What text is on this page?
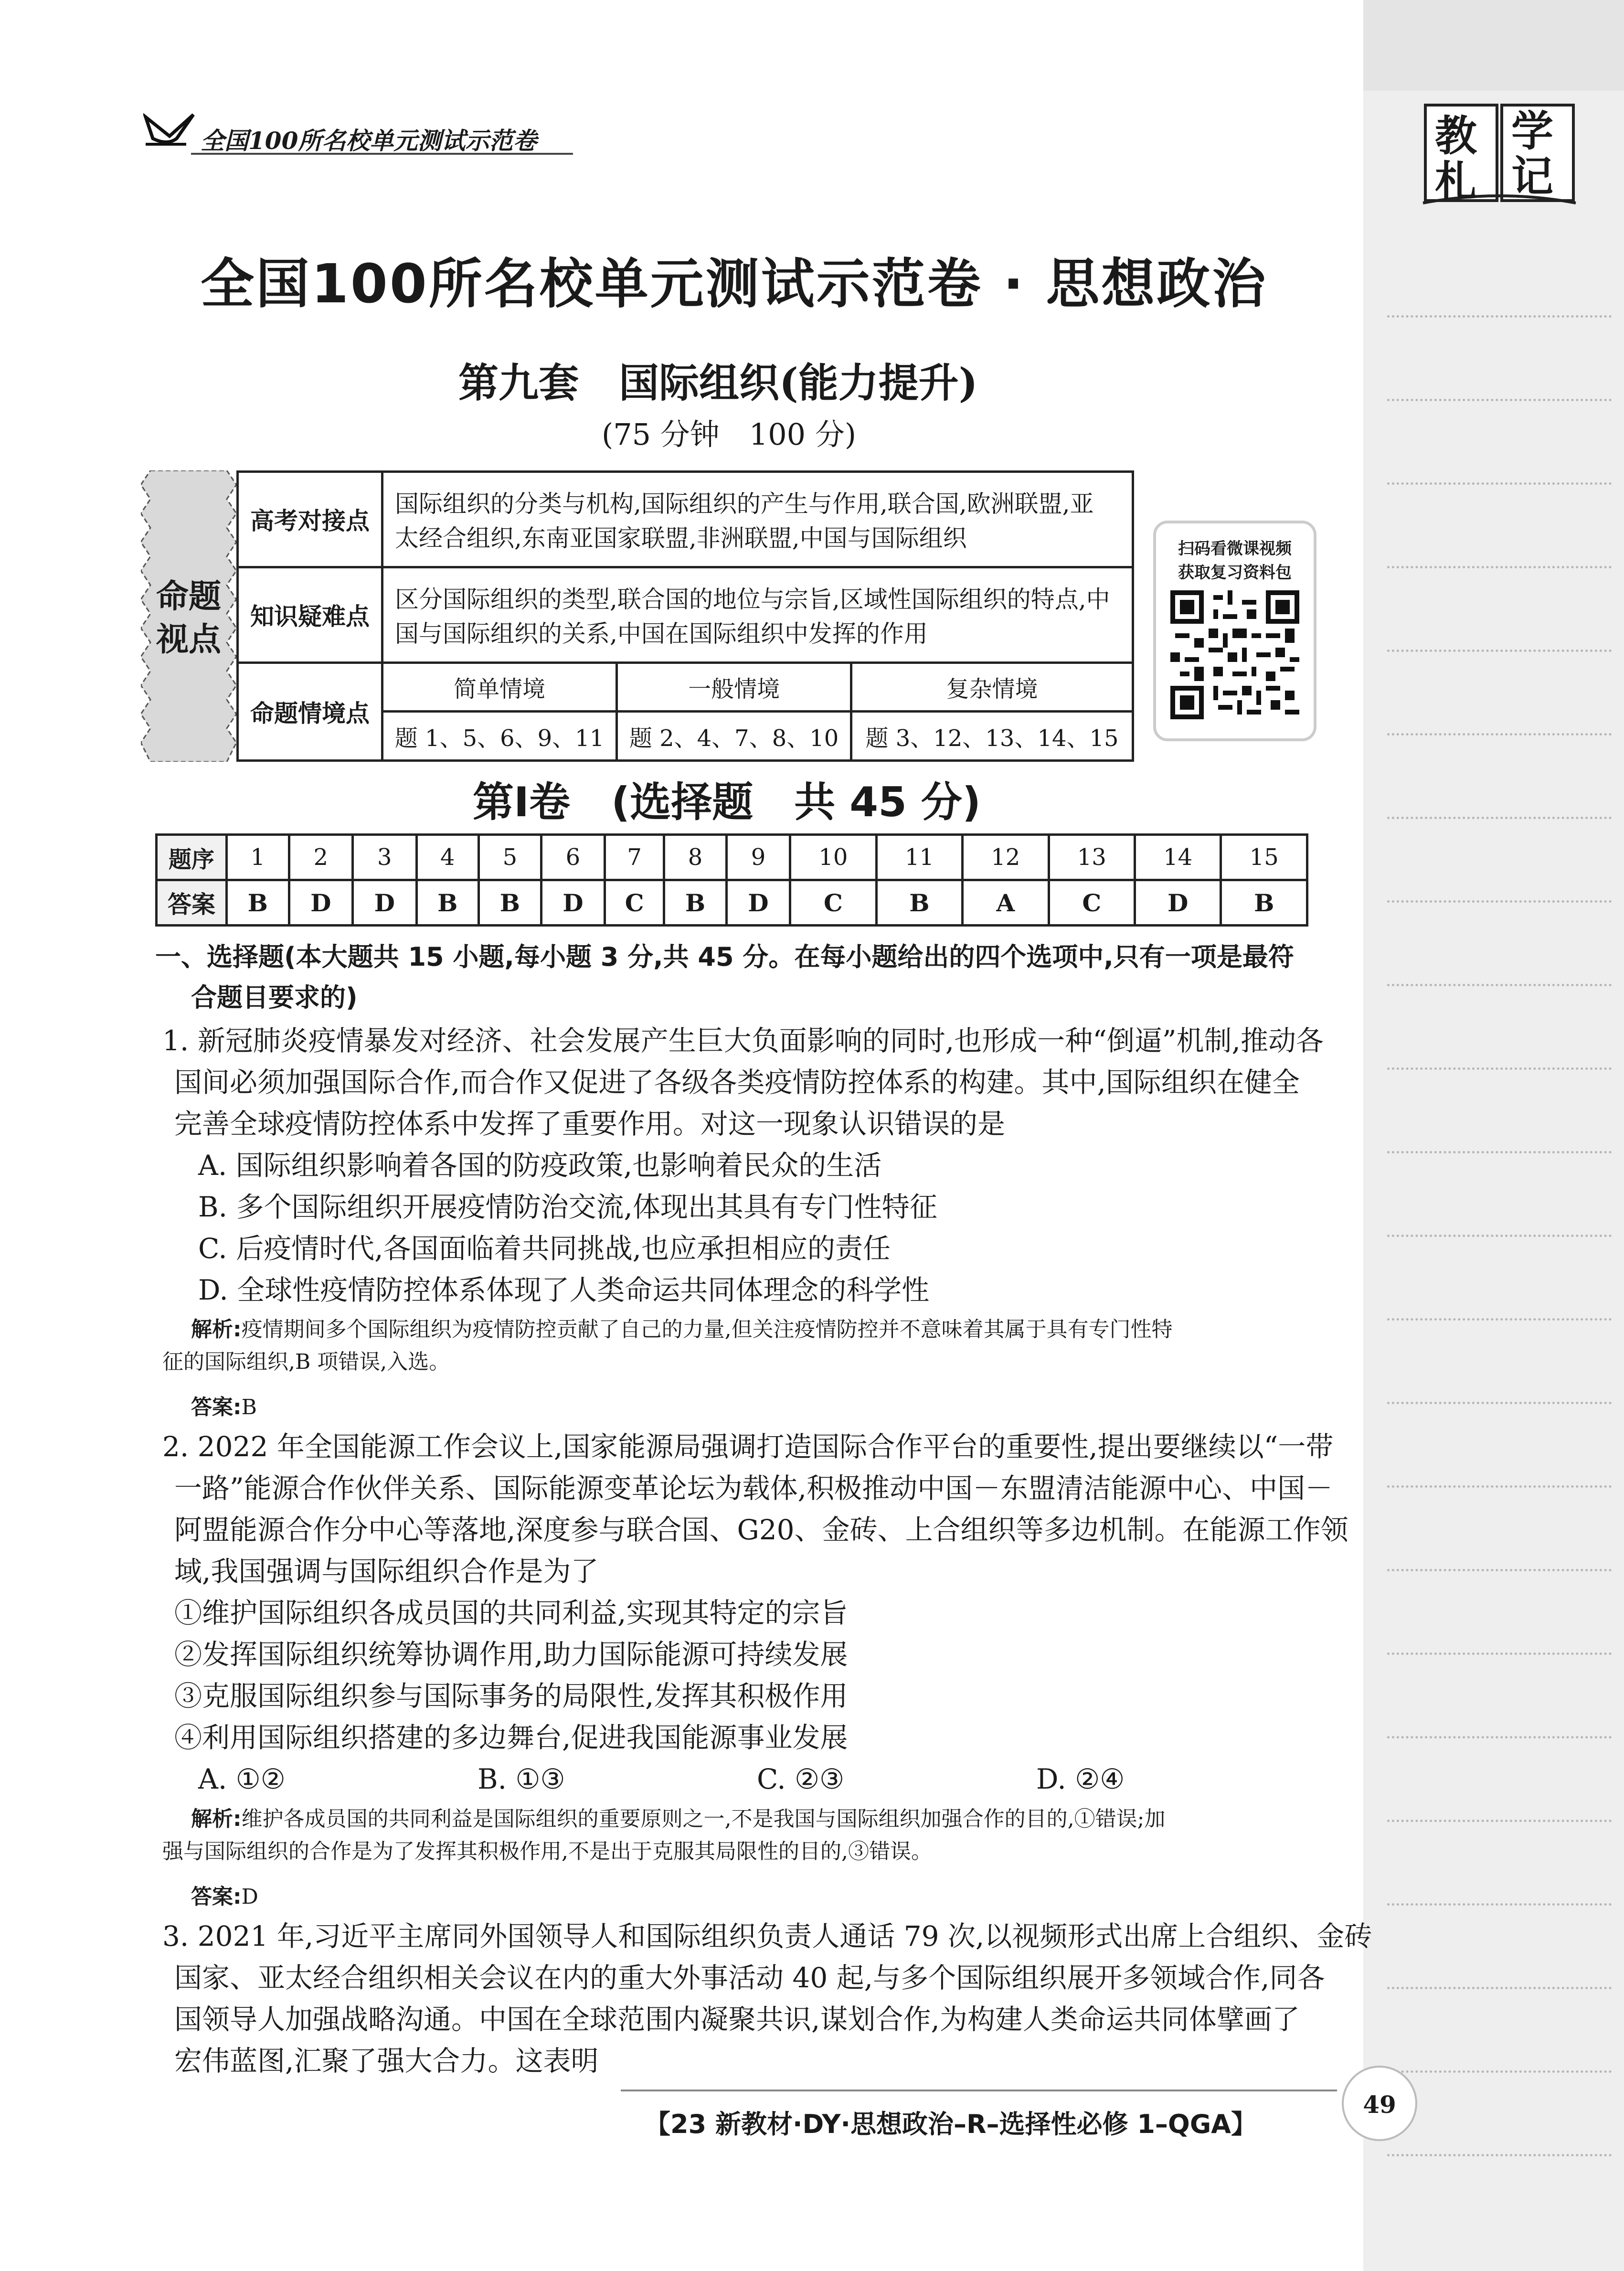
教 学
札 记
全国100所名校单元测试示范卷
全国100所名校单元测试示范卷 · 思想政治
第九套　国际组织(能力提升)
(75 分钟　100 分)
命题
视点
高考对接点	国际组织的分类与机构,国际组织的产生与作用,联合国,欧洲联盟,亚
太经合组织,东南亚国家联盟,非洲联盟,中国与国际组织		

知识疑难点	区分国际组织的类型,联合国的地位与宗旨,区域性国际组织的特点,中
国与国际组织的关系,中国在国际组织中发挥的作用		

命题情境点	简单情境	一般情境	复杂情境
	题 1、5、6、9、11	题 2、4、7、8、10	题 3、12、13、14、15
扫码看微课视频
获取复习资料包
第Ⅰ卷　(选择题　共 45 分)
题序	1	2	3	4	5	6	7	8	9	10	11	12	13	14	15
答案	B	D	D	B	B	D	C	B	D	C	B	A	C	D	B
一、选择题(本大题共 15 小题,每小题 3 分,共 45 分。在每小题给出的四个选项中,只有一项是最符
合题目要求的)
1. 新冠肺炎疫情暴发对经济、社会发展产生巨大负面影响的同时,也形成一种“倒逼”机制,推动各
国间必须加强国际合作,而合作又促进了各级各类疫情防控体系的构建。其中,国际组织在健全
完善全球疫情防控体系中发挥了重要作用。对这一现象认识错误的是
A. 国际组织影响着各国的防疫政策,也影响着民众的生活
B. 多个国际组织开展疫情防治交流,体现出其具有专门性特征
C. 后疫情时代,各国面临着共同挑战,也应承担相应的责任
D. 全球性疫情防控体系体现了人类命运共同体理念的科学性
解析:疫情期间多个国际组织为疫情防控贡献了自己的力量,但关注疫情防控并不意味着其属于具有专门性特
征的国际组织,B 项错误,入选。
答案:B
2. 2022 年全国能源工作会议上,国家能源局强调打造国际合作平台的重要性,提出要继续以“一带
一路”能源合作伙伴关系、国际能源变革论坛为载体,积极推动中国－东盟清洁能源中心、中国－
阿盟能源合作分中心等落地,深度参与联合国、G20、金砖、上合组织等多边机制。在能源工作领
域,我国强调与国际组织合作是为了
①维护国际组织各成员国的共同利益,实现其特定的宗旨
②发挥国际组织统筹协调作用,助力国际能源可持续发展
③克服国际组织参与国际事务的局限性,发挥其积极作用
④利用国际组织搭建的多边舞台,促进我国能源事业发展
A. ①②	B. ①③	C. ②③	D. ②④
解析:维护各成员国的共同利益是国际组织的重要原则之一,不是我国与国际组织加强合作的目的,①错误;加
强与国际组织的合作是为了发挥其积极作用,不是出于克服其局限性的目的,③错误。
答案:D
3. 2021 年,习近平主席同外国领导人和国际组织负责人通话 79 次,以视频形式出席上合组织、金砖
国家、亚太经合组织相关会议在内的重大外事活动 40 起,与多个国际组织展开多领域合作,同各
国领导人加强战略沟通。中国在全球范围内凝聚共识,谋划合作,为构建人类命运共同体擘画了
宏伟蓝图,汇聚了强大合力。这表明
【23 新教材·DY·思想政治–R–选择性必修 1–QGA】
49
